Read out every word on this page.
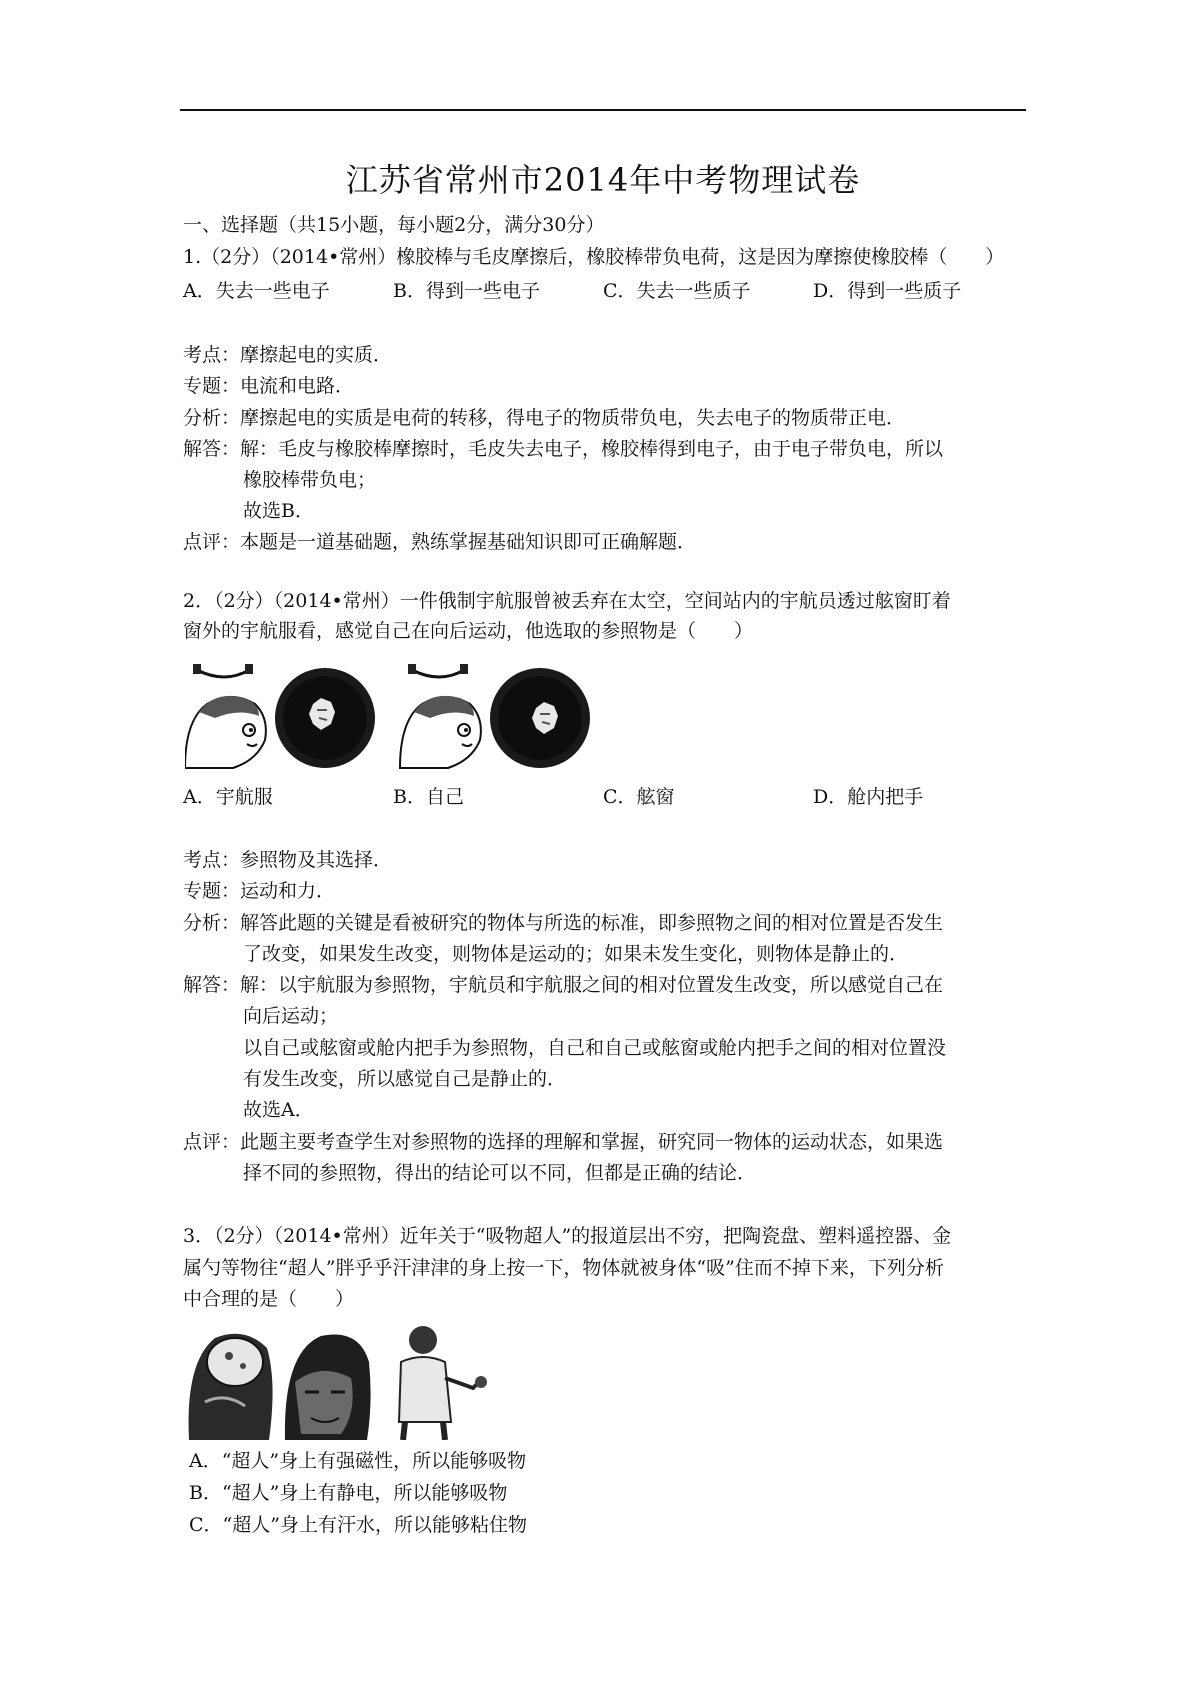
江苏省常州市2014年中考物理试卷
一、选择题（共15小题，每小题2分，满分30分）
1.（2分）（2014•常州）橡胶棒与毛皮摩擦后，橡胶棒带负电荷，这是因为摩擦使橡胶棒（　　）
A．失去一些电子	B．得到一些电子	C．失去一些质子	D．得到一些质子
考点：摩擦起电的实质．
专题：电流和电路．
分析：摩擦起电的实质是电荷的转移，得电子的物质带负电，失去电子的物质带正电．
解答：解：毛皮与橡胶棒摩擦时，毛皮失去电子，橡胶棒得到电子，由于电子带负电，所以
橡胶棒带负电；
故选B．
点评：本题是一道基础题，熟练掌握基础知识即可正确解题．
2．（2分）（2014•常州）一件俄制宇航服曾被丢弃在太空，空间站内的宇航员透过舷窗盯着
窗外的宇航服看，感觉自己在向后运动，他选取的参照物是（　　）
A．宇航服	B．自己	C．舷窗	D．舱内把手
考点：参照物及其选择．
专题：运动和力．
分析：解答此题的关键是看被研究的物体与所选的标准，即参照物之间的相对位置是否发生
了改变，如果发生改变，则物体是运动的；如果未发生变化，则物体是静止的．
解答：解：以宇航服为参照物，宇航员和宇航服之间的相对位置发生改变，所以感觉自己在
向后运动；
以自己或舷窗或舱内把手为参照物，自己和自己或舷窗或舱内把手之间的相对位置没
有发生改变，所以感觉自己是静止的．
故选A．
点评：此题主要考查学生对参照物的选择的理解和掌握，研究同一物体的运动状态，如果选
择不同的参照物，得出的结论可以不同，但都是正确的结论．
3．（2分）（2014•常州）近年关于“吸物超人”的报道层出不穷，把陶瓷盘、塑料遥控器、金
属勺等物往“超人”胖乎乎汗津津的身上按一下，物体就被身体“吸”住而不掉下来，下列分析
中合理的是（　　）
A．“超人”身上有强磁性，所以能够吸物
B．“超人”身上有静电，所以能够吸物
C．“超人”身上有汗水，所以能够粘住物
